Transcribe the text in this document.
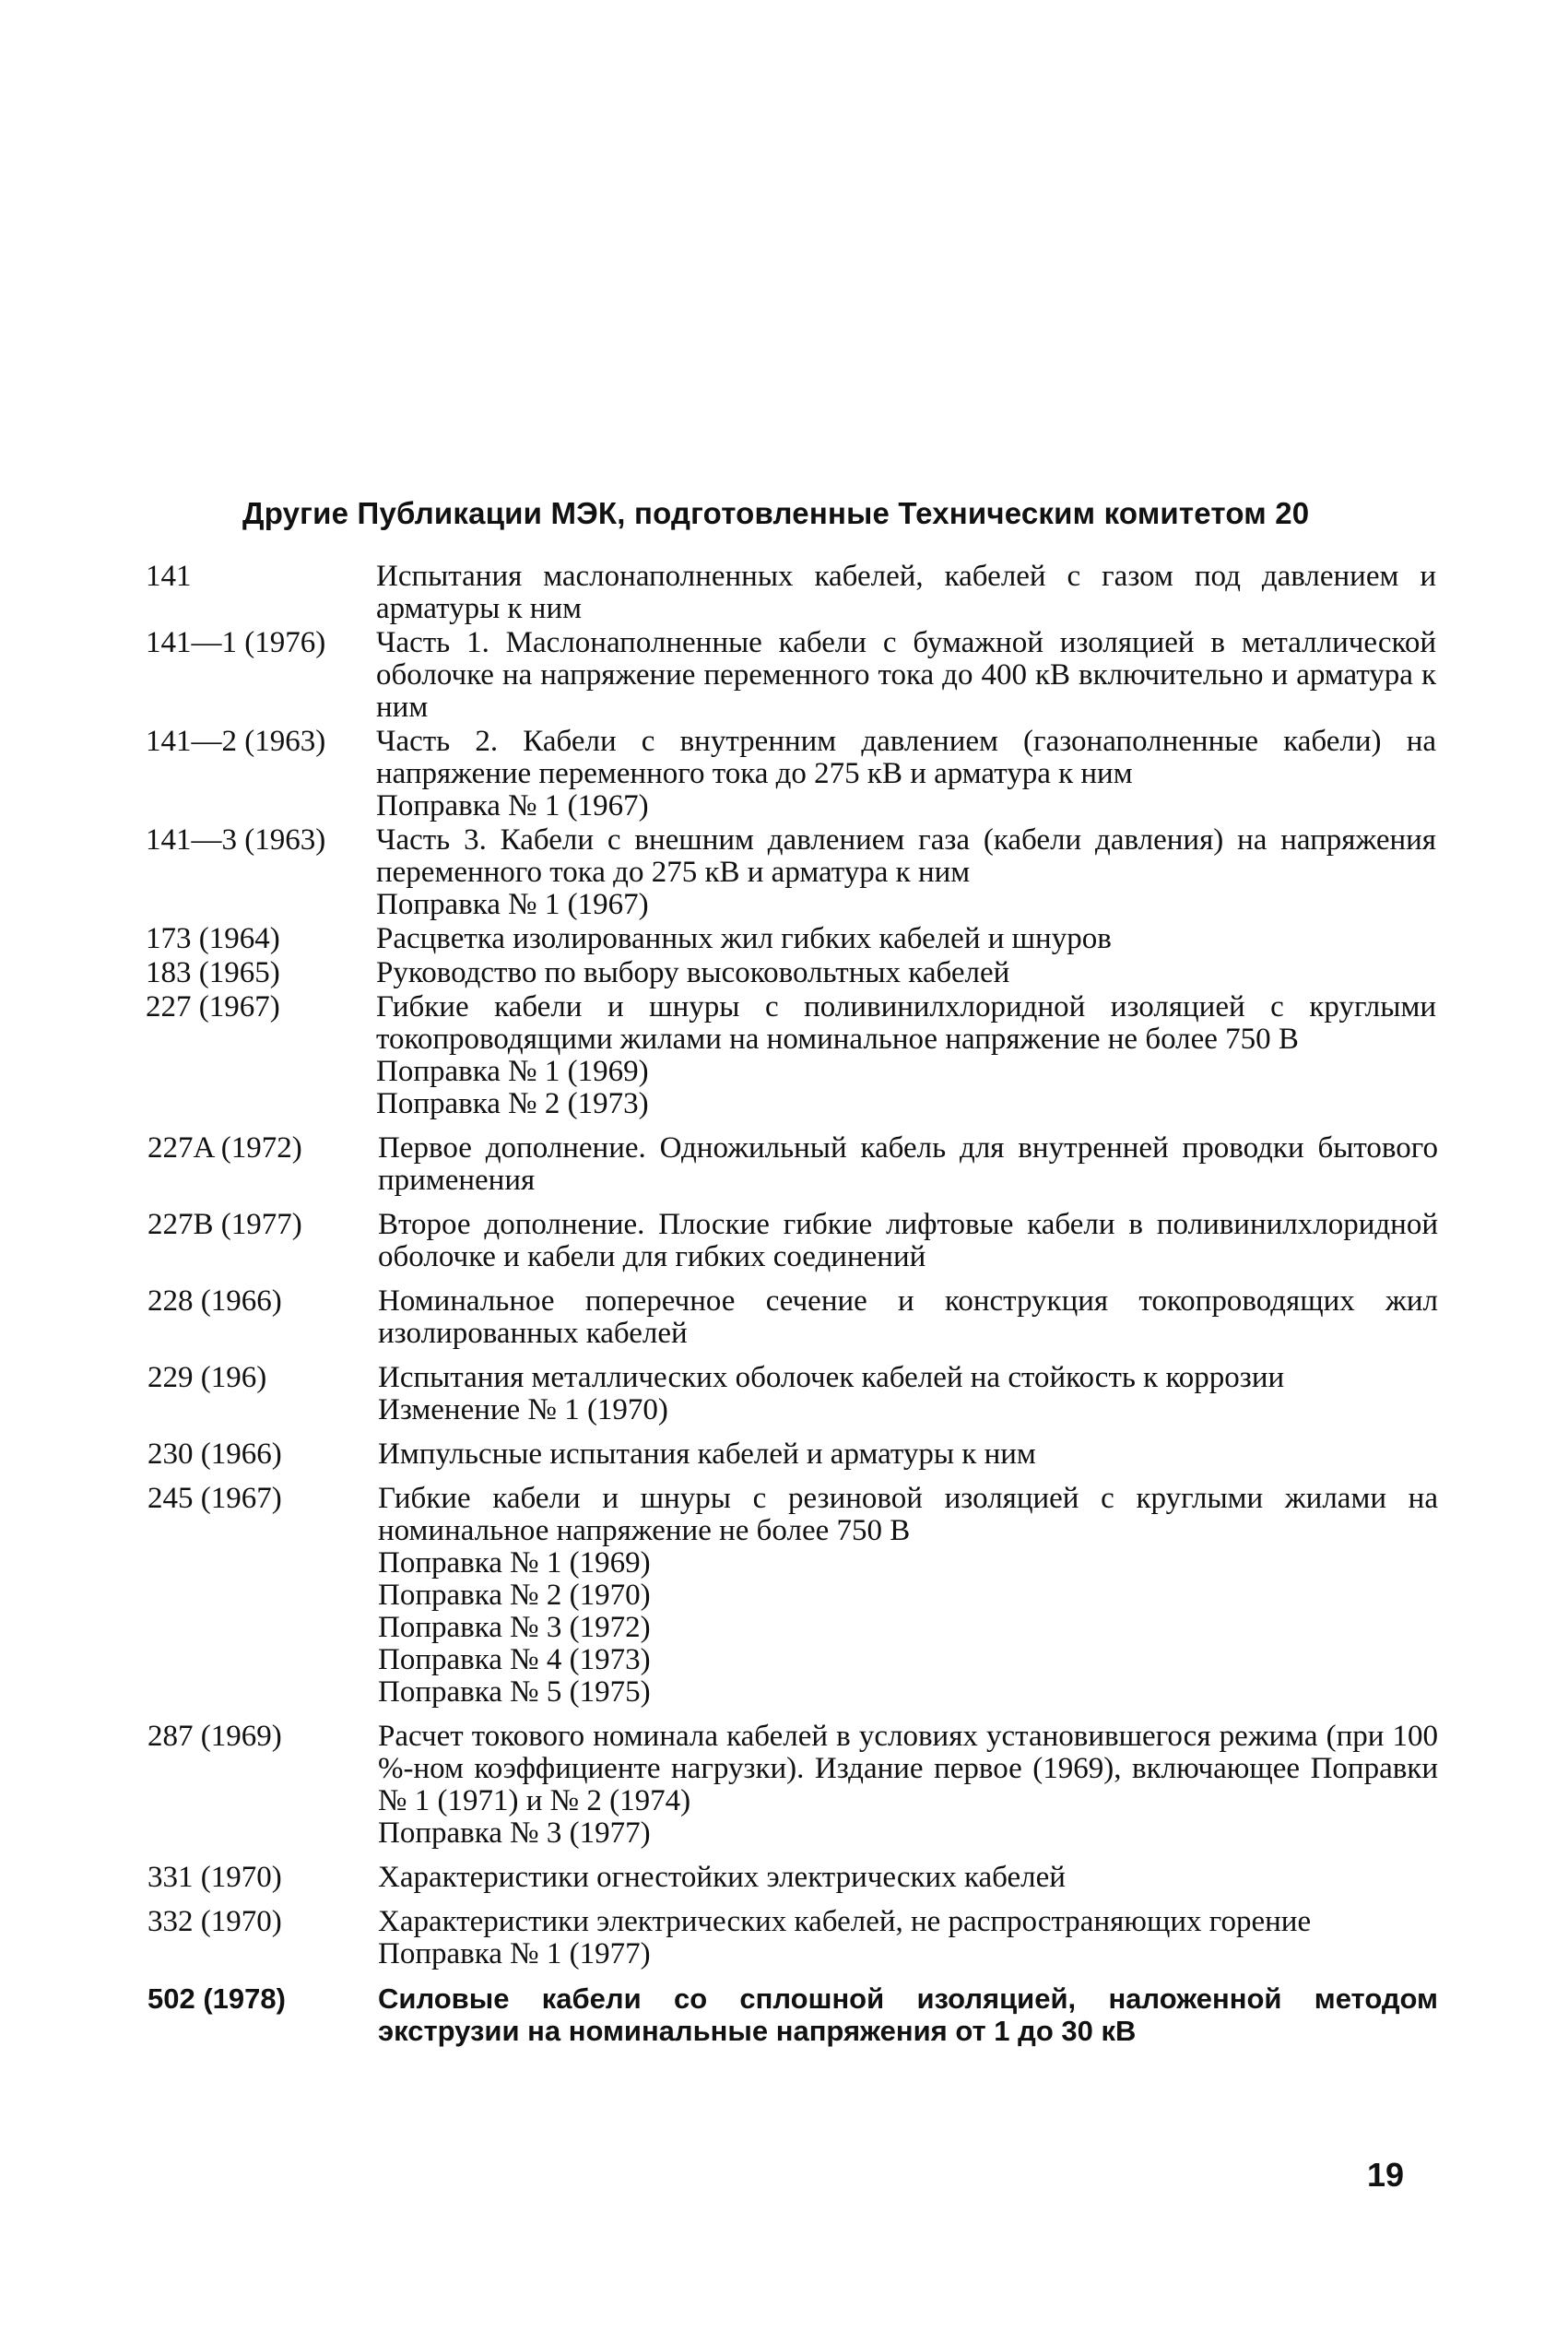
Другие Публикации МЭК, подготовленные Техническим комитетом 20
141	Испытания маслонаполненных кабелей, кабелей с газом под давлением и арматуры к ним
141—1 (1976)	Часть 1. Маслонаполненные кабели с бумажной изоляцией в металлической оболочке на напряжение переменного тока до 400 кВ включительно и арматура к ним
141—2 (1963)	Часть 2. Кабели с внутренним давлением (газонаполненные кабели) на напряжение переменного тока до 275 кВ и арматура к ним
Поправка № 1 (1967)
141—3 (1963)	Часть 3. Кабели с внешним давлением газа (кабели давления) на напряжения переменного тока до 275 кВ и арматура к ним
Поправка № 1 (1967)
173 (1964)	Расцветка изолированных жил гибких кабелей и шнуров
183 (1965)	Руководство по выбору высоковольтных кабелей
227 (1967)	Гибкие кабели и шнуры с поливинилхлоридной изоляцией с круглыми токопроводящими жилами на номинальное напряжение не более 750 В
Поправка № 1 (1969)
Поправка № 2 (1973)
227A (1972)	Первое дополнение. Одножильный кабель для внутренней проводки бытового применения
227B (1977)	Второе дополнение. Плоские гибкие лифтовые кабели в поливинилхлоридной оболочке и кабели для гибких соединений
228 (1966)	Номинальное поперечное сечение и конструкция токопроводящих жил изолированных кабелей
229 (196)	Испытания металлических оболочек кабелей на стойкость к коррозии
Изменение № 1 (1970)
230 (1966)	Импульсные испытания кабелей и арматуры к ним
245 (1967)	Гибкие кабели и шнуры с резиновой изоляцией с круглыми жилами на номинальное напряжение не более 750 В
Поправка № 1 (1969)
Поправка № 2 (1970)
Поправка № 3 (1972)
Поправка № 4 (1973)
Поправка № 5 (1975)
287 (1969)	Расчет токового номинала кабелей в условиях установившегося режима (при 100 %-ном коэффициенте нагрузки). Издание первое (1969), включающее Поправки № 1 (1971) и № 2 (1974)
Поправка № 3 (1977)
331 (1970)	Характеристики огнестойких электрических кабелей
332 (1970)	Характеристики электрических кабелей, не распространяющих горение
Поправка № 1 (1977)
502 (1978)	Силовые кабели со сплошной изоляцией, наложенной методом экструзии на номинальные напряжения от 1 до 30 кВ
19
